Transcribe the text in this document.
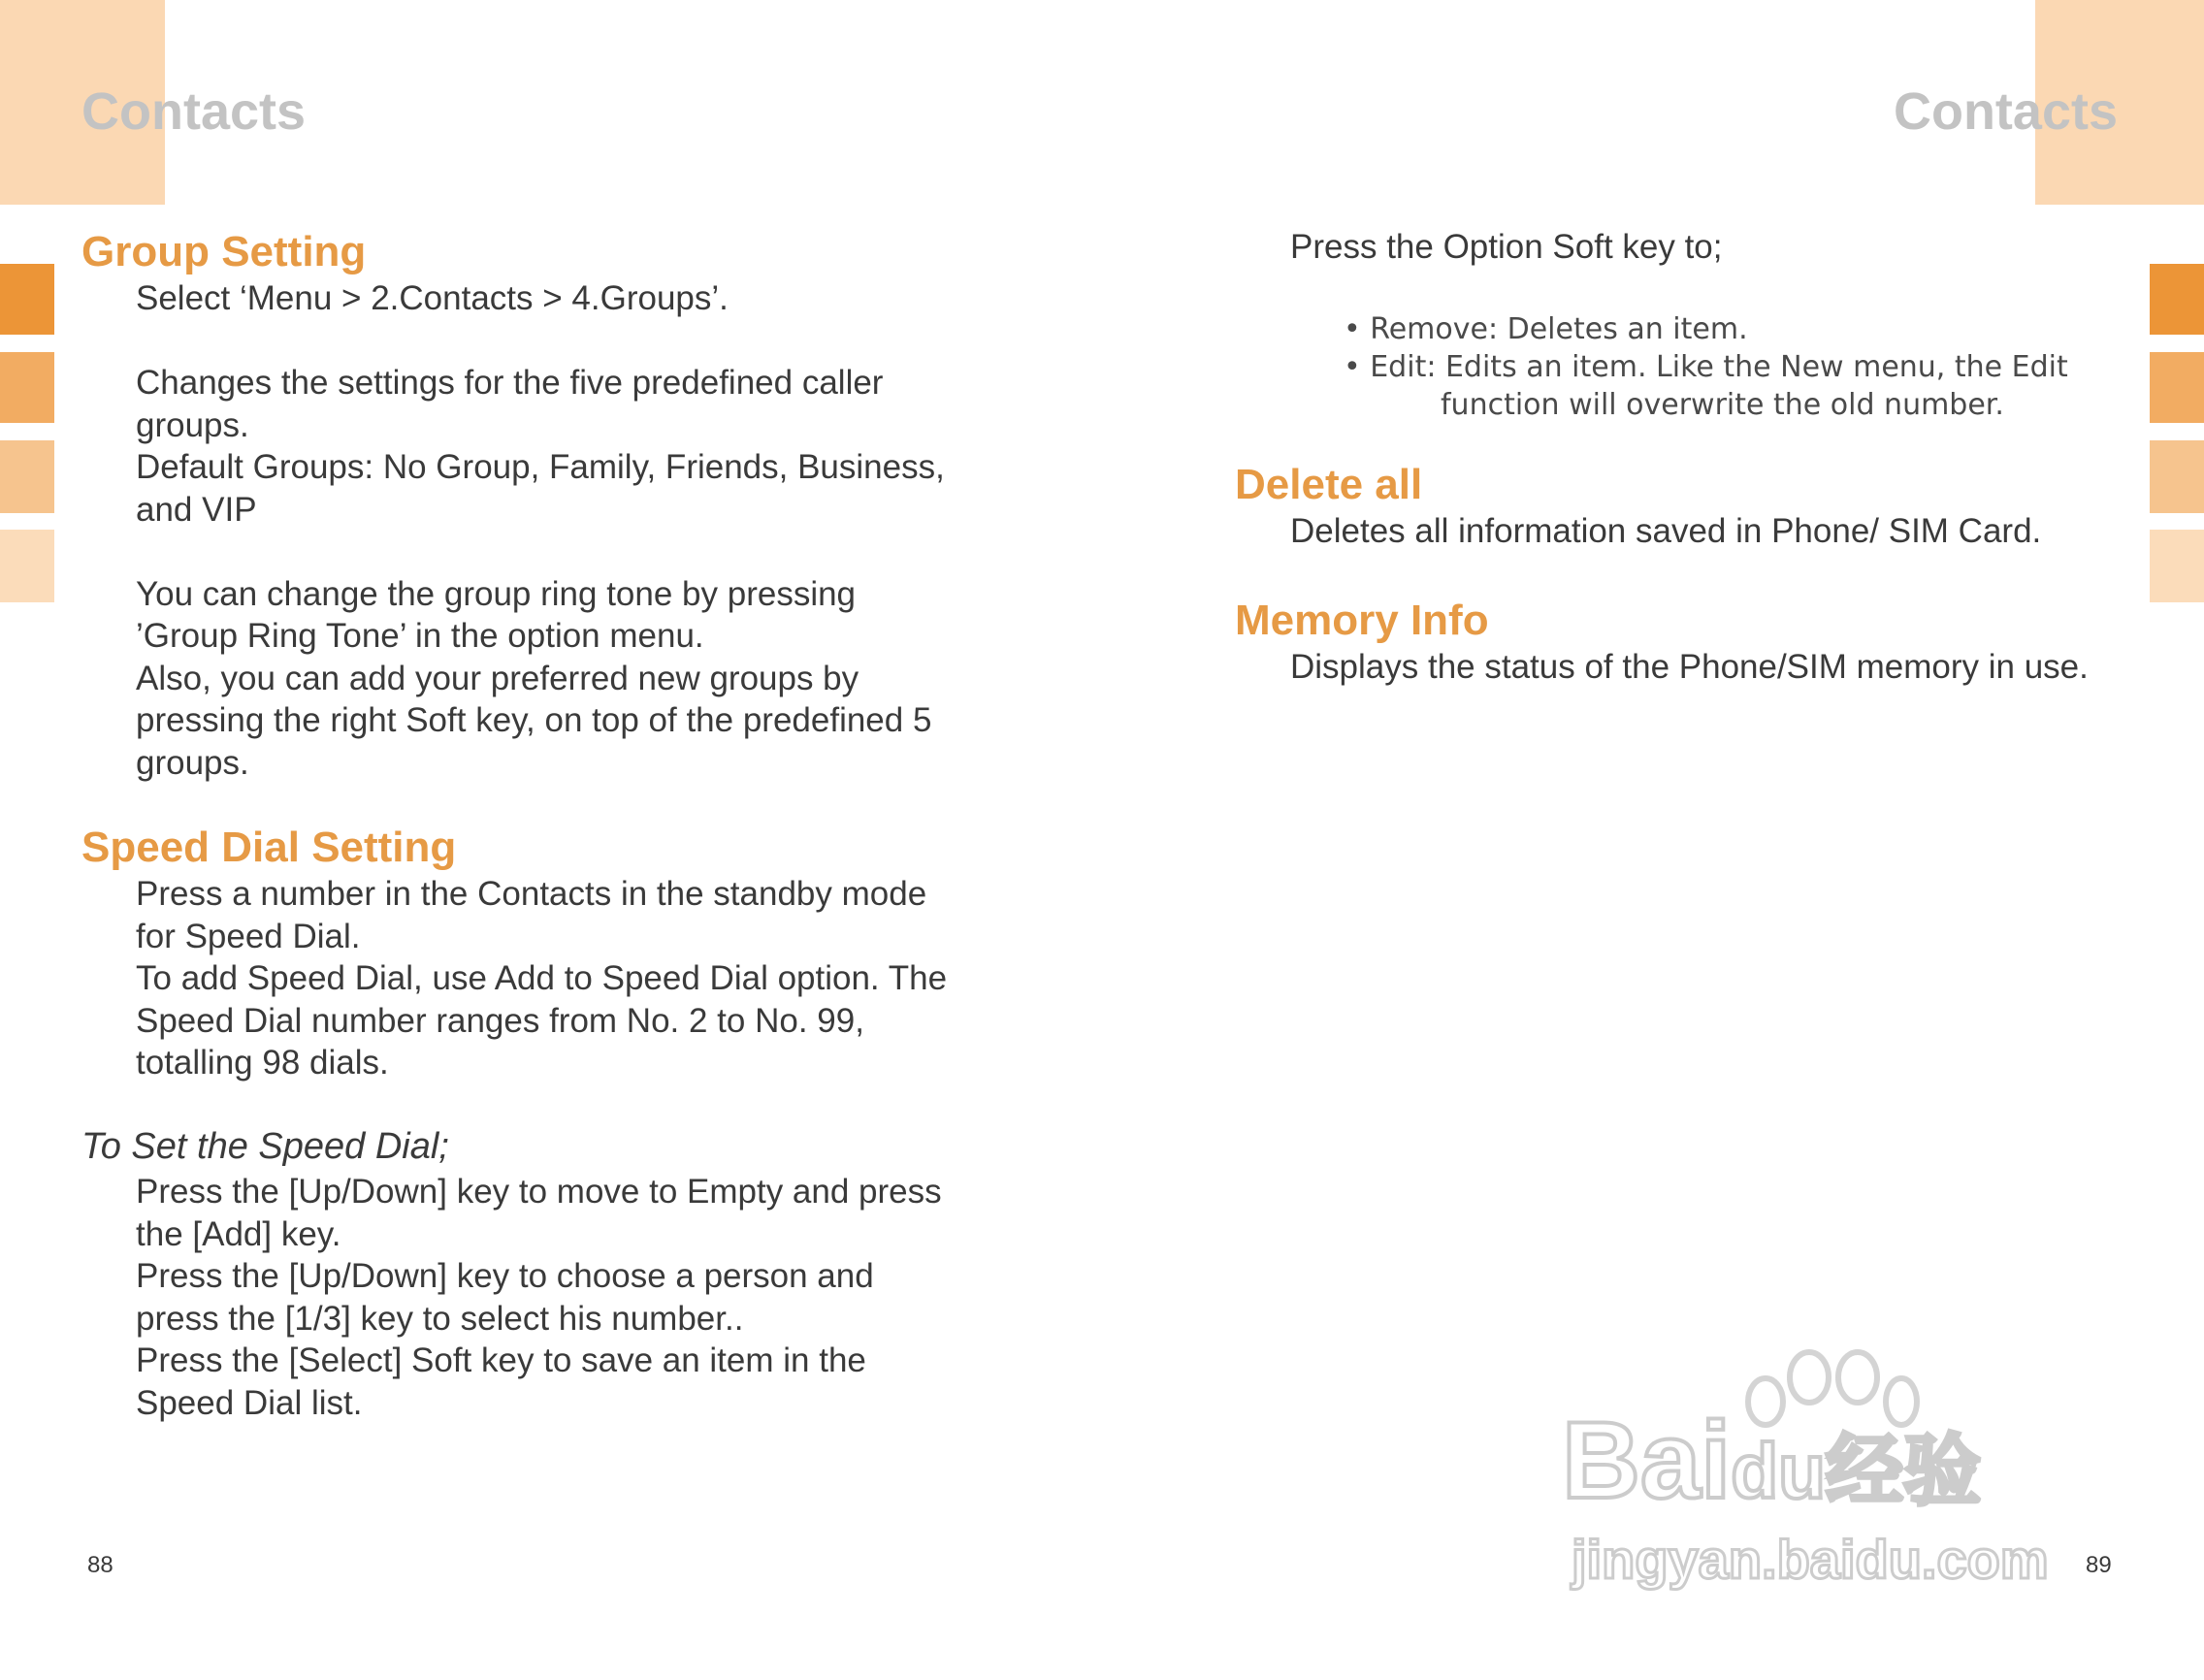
Contacts	Contacts
Group Setting
Select ‘Menu > 2.Contacts > 4.Groups’.
Changes the settings for the five predefined caller
groups.
Default Groups: No Group, Family, Friends, Business,
and VIP
You can change the group ring tone by pressing
’Group Ring Tone’ in the option menu.
Also, you can add your preferred new groups by
pressing the right Soft key, on top of the predefined 5
groups.
Speed Dial Setting
Press a number in the Contacts in the standby mode
for Speed Dial.
To add Speed Dial, use Add to Speed Dial option. The
Speed Dial number ranges from No. 2 to No. 99,
totalling 98 dials.
To Set the Speed Dial;
Press the [Up/Down] key to move to Empty and press
the [Add] key.
Press the [Up/Down] key to choose a person and
press the [1/3] key to select his number..
Press the [Select] Soft key to save an item in the
Speed Dial list.
88
Press the Option Soft key to;
• Remove: Deletes an item.
• Edit: Edits an item. Like the New menu, the Edit
function will overwrite the old number.
Delete all
Deletes all information saved in Phone/ SIM Card.
Memory Info
Displays the status of the Phone/SIM memory in use.
89
Baidu经验
jingyan.baidu.com
